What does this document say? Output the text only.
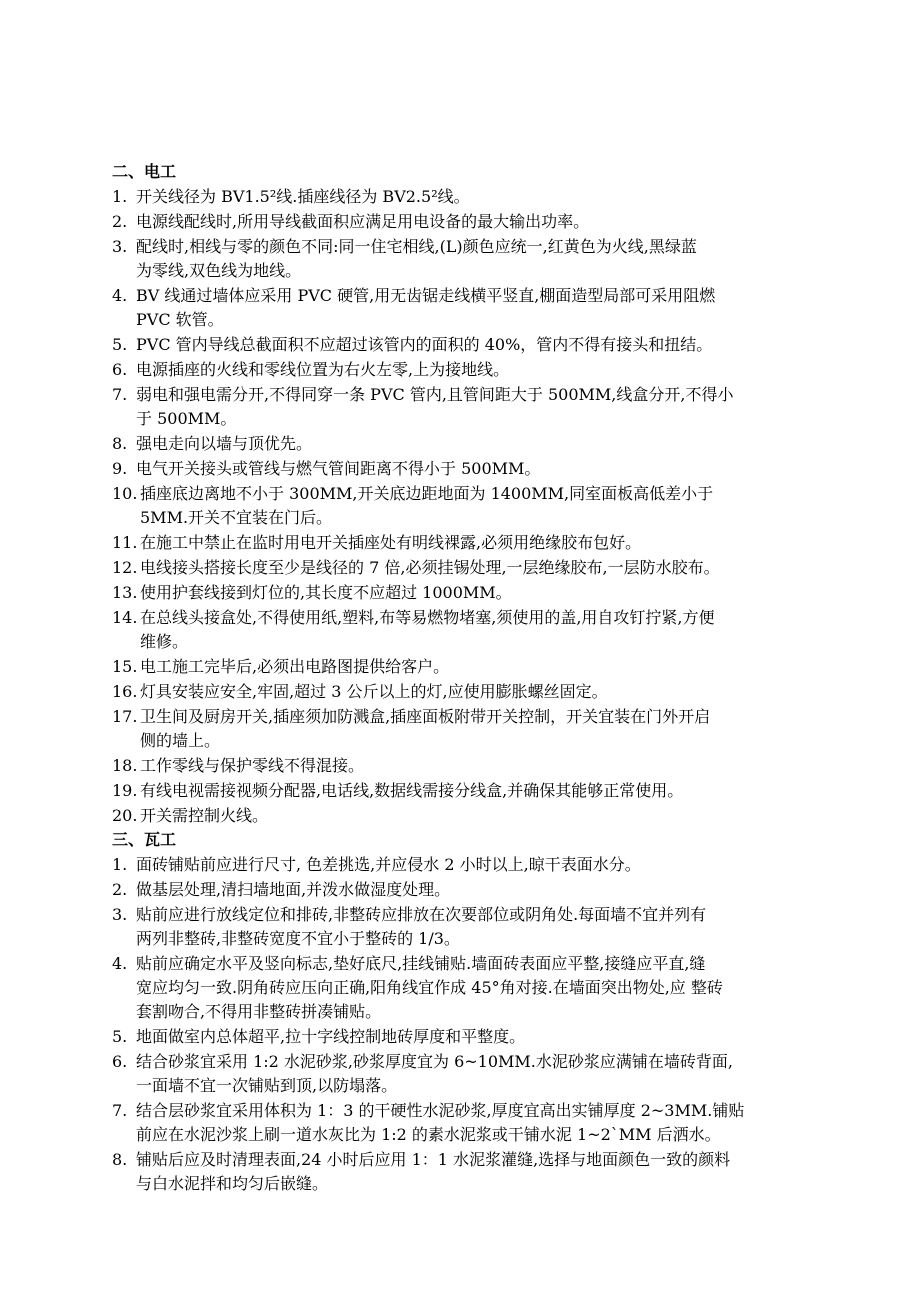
二、电工
1. 开关线径为 BV1.5²线.插座线径为 BV2.5²线。
2. 电源线配线时,所用导线截面积应满足用电设备的最大输出功率。
3. 配线时,相线与零的颜色不同:同一住宅相线,(L)颜色应统一,红黄色为火线,黑绿蓝
为零线,双色线为地线。
4. BV 线通过墙体应采用 PVC 硬管,用无齿锯走线横平竖直,棚面造型局部可采用阻燃
PVC 软管。
5. PVC 管内导线总截面积不应超过该管内的面积的 40%，管内不得有接头和扭结。
6. 电源插座的火线和零线位置为右火左零,上为接地线。
7. 弱电和强电需分开,不得同穿一条 PVC 管内,且管间距大于 500MM,线盒分开,不得小
于 500MM。
8. 强电走向以墙与顶优先。
9. 电气开关接头或管线与燃气管间距离不得小于 500MM。
10. 插座底边离地不小于 300MM,开关底边距地面为 1400MM,同室面板高低差小于
5MM.开关不宜装在门后。
11. 在施工中禁止在监时用电开关插座处有明线裸露,必须用绝缘胶布包好。
12. 电线接头搭接长度至少是线径的 7 倍,必须挂锡处理,一层绝缘胶布,一层防水胶布。
13. 使用护套线接到灯位的,其长度不应超过 1000MM。
14. 在总线头接盒处,不得使用纸,塑料,布等易燃物堵塞,须使用的盖,用自攻钉拧紧,方便
维修。
15. 电工施工完毕后,必须出电路图提供给客户。
16. 灯具安装应安全,牢固,超过 3 公斤以上的灯,应使用膨胀螺丝固定。
17. 卫生间及厨房开关,插座须加防溅盒,插座面板附带开关控制，开关宜装在门外开启
侧的墙上。
18. 工作零线与保护零线不得混接。
19. 有线电视需接视频分配器,电话线,数据线需接分线盒,并确保其能够正常使用。
20. 开关需控制火线。
三、瓦工
1. 面砖铺贴前应进行尺寸, 色差挑选,并应侵水 2 小时以上,晾干表面水分。
2. 做基层处理,清扫墙地面,并泼水做湿度处理。
3. 贴前应进行放线定位和排砖,非整砖应排放在次要部位或阴角处.每面墙不宜并列有
两列非整砖,非整砖宽度不宜小于整砖的 1/3。
4. 贴前应确定水平及竖向标志,垫好底尺,挂线铺贴.墙面砖表面应平整,接缝应平直,缝
宽应均匀一致.阴角砖应压向正确,阳角线宜作成 45°角对接.在墙面突出物处,应 整砖
套割吻合,不得用非整砖拼凑铺贴。
5. 地面做室内总体超平,拉十字线控制地砖厚度和平整度。
6. 结合砂浆宜采用 1:2 水泥砂浆,砂浆厚度宜为 6~10MM.水泥砂浆应满铺在墙砖背面,
一面墙不宜一次铺贴到顶,以防塌落。
7. 结合层砂浆宜采用体积为 1：3 的干硬性水泥砂浆,厚度宜高出实铺厚度 2~3MM.铺贴
前应在水泥沙浆上刷一道水灰比为 1:2 的素水泥浆或干铺水泥 1~2`MM 后洒水。
8. 铺贴后应及时清理表面,24 小时后应用 1：1 水泥浆灌缝,选择与地面颜色一致的颜料
与白水泥拌和均匀后嵌缝。
